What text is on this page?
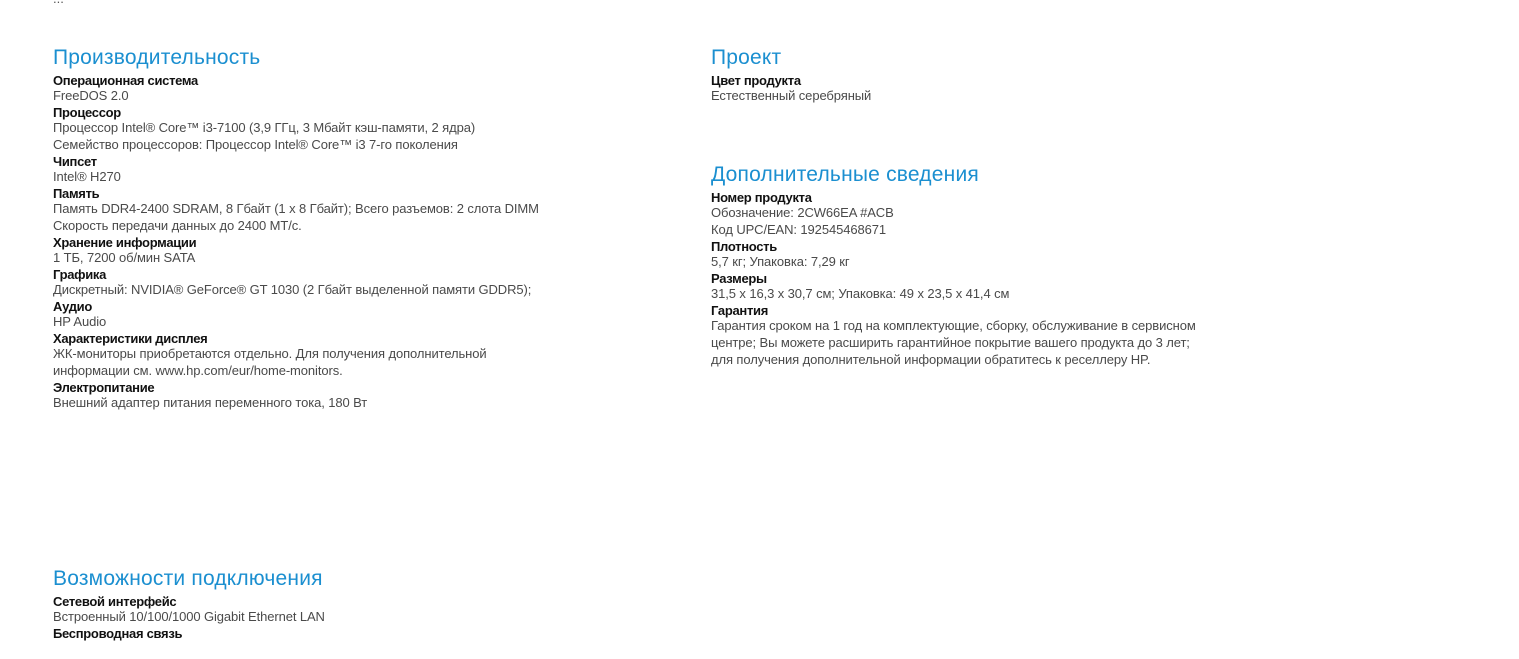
Производительность
Операционная система
FreeDOS 2.0
Процессор
Процессор Intel® Core™ i3-7100 (3,9 ГГц, 3 Мбайт кэш-памяти, 2 ядра)
Семейство процессоров: Процессор Intel® Core™ i3 7-го поколения
Чипсет
Intel® H270
Память
Память DDR4-2400 SDRAM, 8 Гбайт (1 x 8 Гбайт); Всего разъемов: 2 слота DIMM
Скорость передачи данных до 2400 МТ/с.
Хранение информации
1 ТБ, 7200 об/мин SATA
Графика
Дискретный: NVIDIA® GeForce® GT 1030 (2 Гбайт выделенной памяти GDDR5);
Аудио
HP Audio
Характеристики дисплея
ЖК-мониторы приобретаются отдельно. Для получения дополнительной
информации см. www.hp.com/eur/home-monitors.
Электропитание
Внешний адаптер питания переменного тока, 180 Вт
Возможности подключения
Сетевой интерфейс
Встроенный 10/100/1000 Gigabit Ethernet LAN
Беспроводная связь
Проект
Цвет продукта
Естественный серебряный
Дополнительные сведения
Номер продукта
Обозначение: 2CW66EA #ACB
Код UPC/EAN: 192545468671
Плотность
5,7 кг; Упаковка: 7,29 кг
Размеры
31,5 x 16,3 x 30,7 см; Упаковка: 49 x 23,5 x 41,4 см
Гарантия
Гарантия сроком на 1 год на комплектующие, сборку, обслуживание в сервисном
центре; Вы можете расширить гарантийное покрытие вашего продукта до 3 лет;
для получения дополнительной информации обратитесь к реселлеру HP.
